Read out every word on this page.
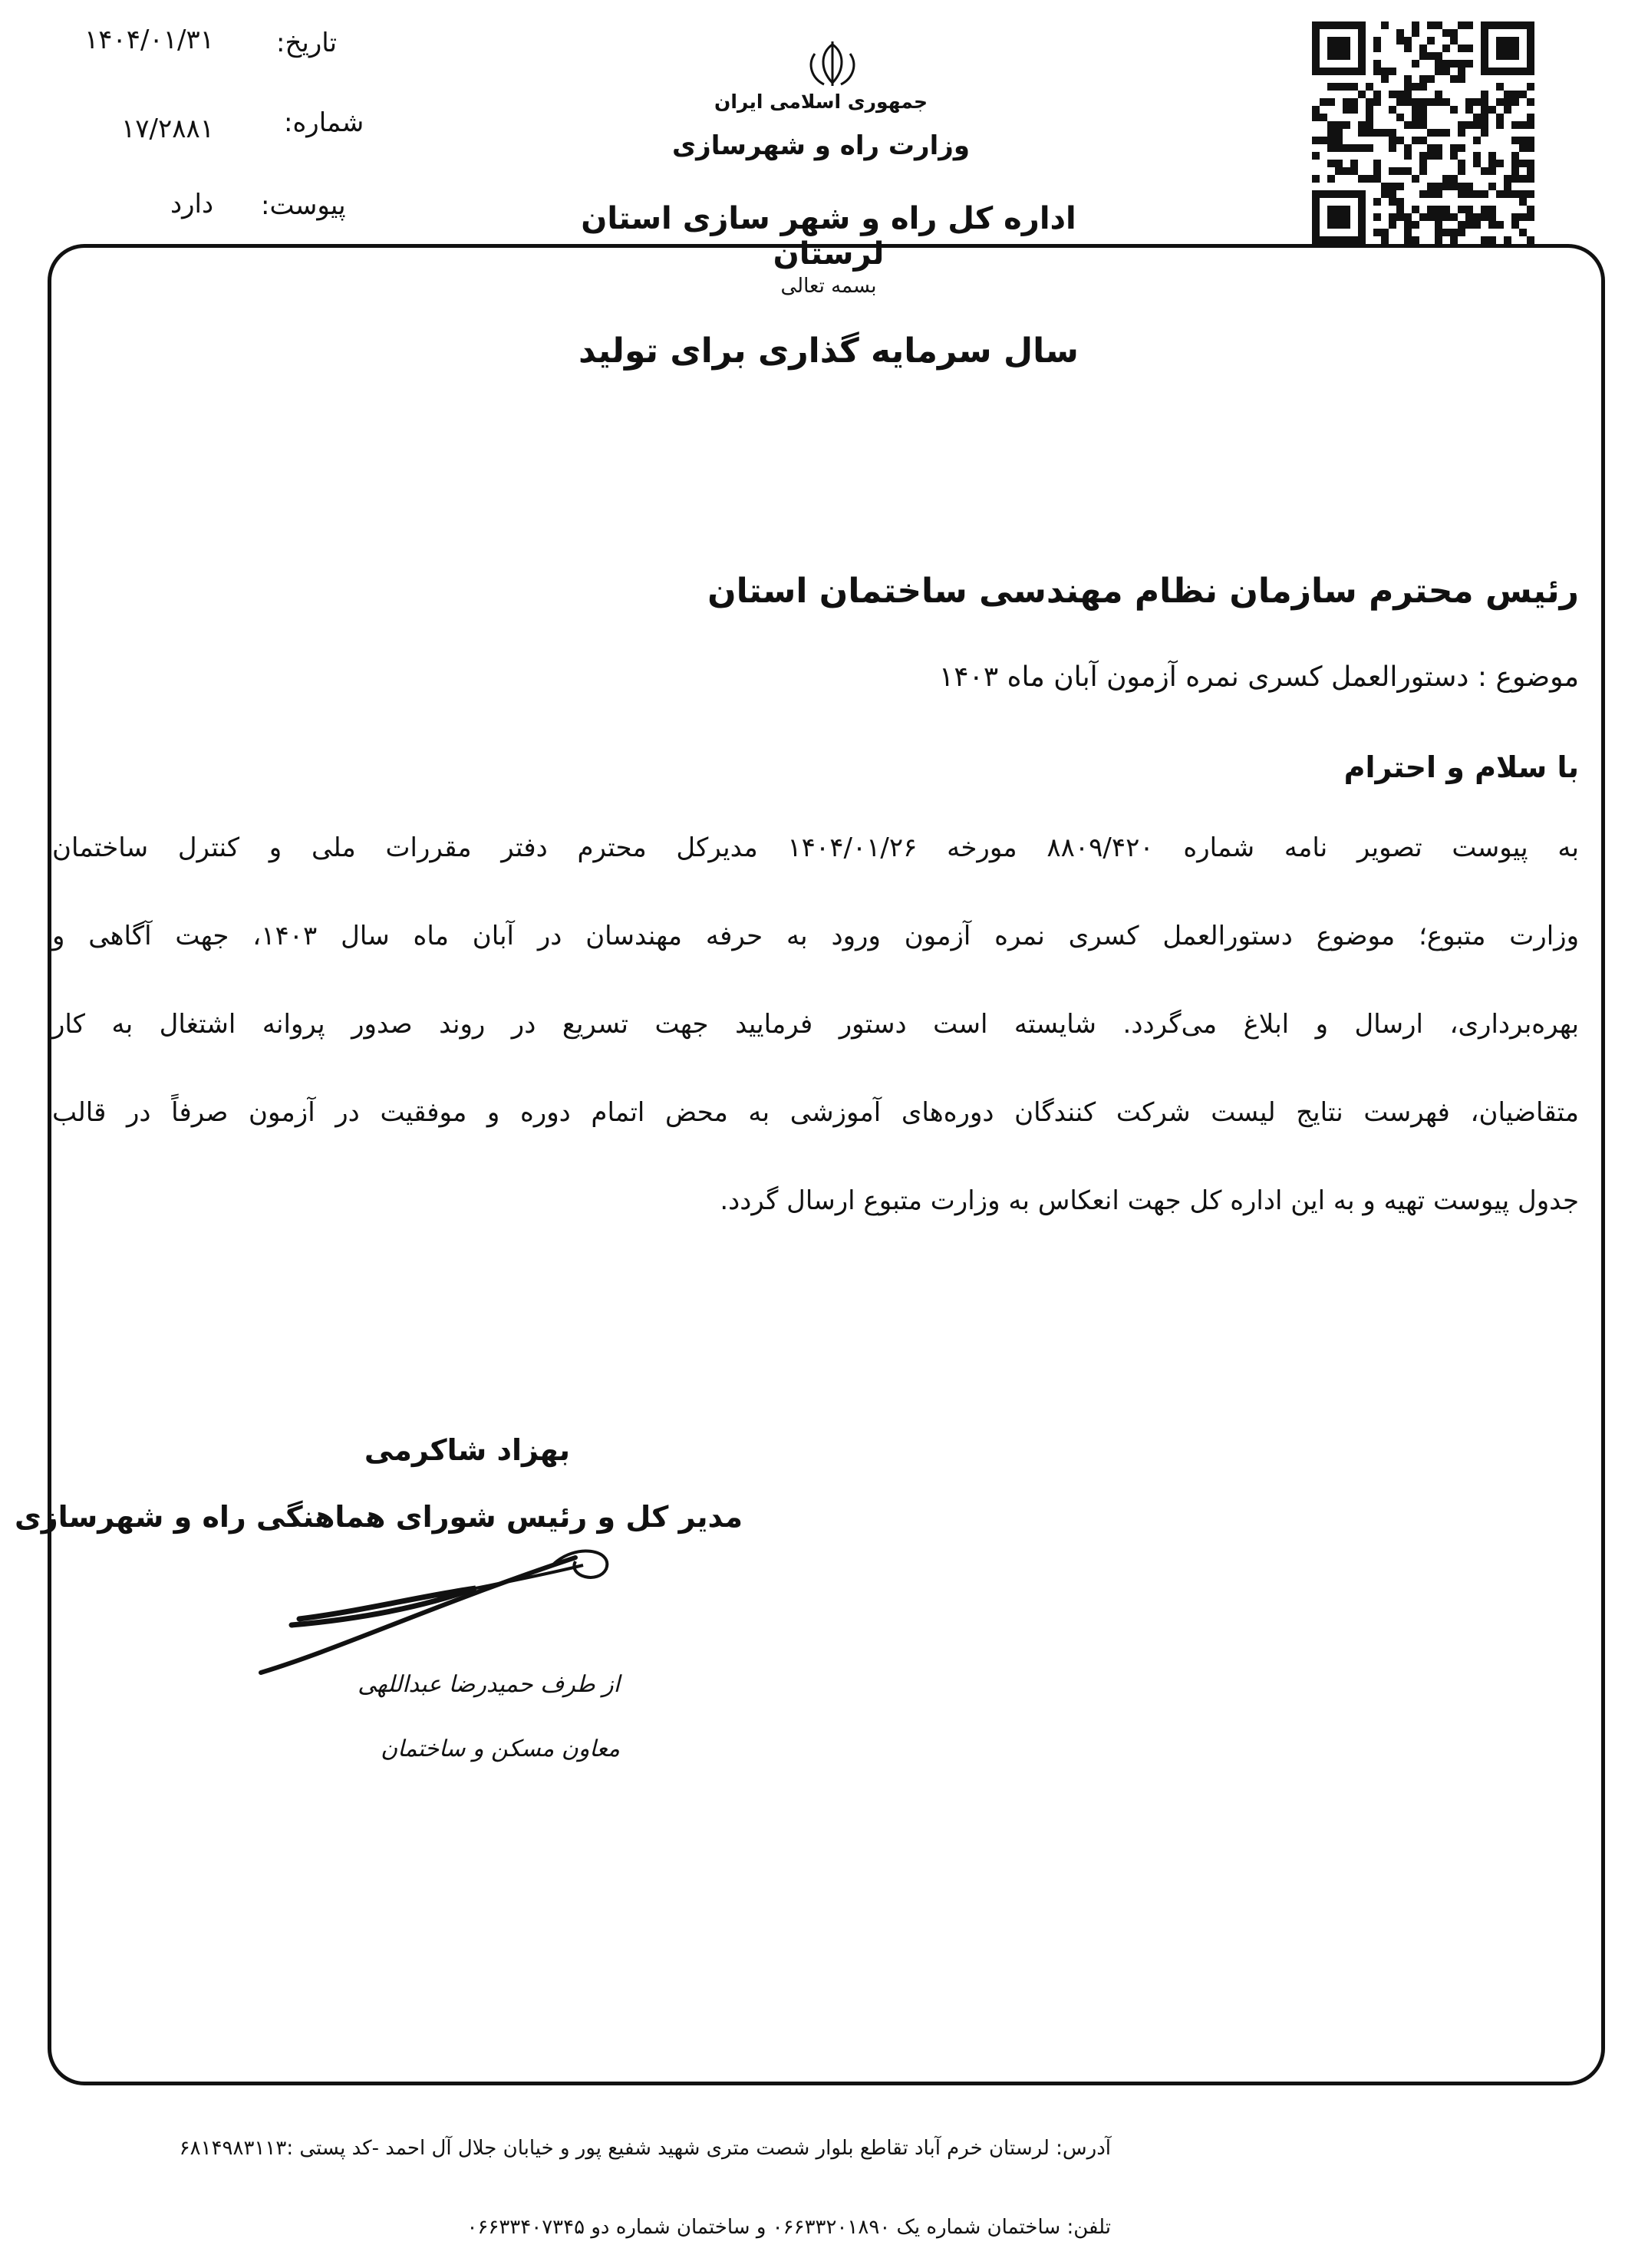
تاریخ:
۱۴۰۴/۰۱/۳۱
شماره:
۱۷/۲۸۸۱
پیوست:
دارد
جمهوری اسلامی ایران
وزارت راه و شهرسازی
اداره کل راه و شهر سازی استان لرستان
بسمه تعالی
سال سرمایه گذاری برای تولید
رئیس محترم سازمان نظام مهندسی ساختمان استان
موضوع : دستورالعمل کسری نمره آزمون آبان ماه ۱۴۰۳
با سلام و احترام
به پیوست تصویر نامه شماره ۸۸۰۹/۴۲۰ مورخه ۱۴۰۴/۰۱/۲۶ مدیرکل محترم دفتر مقررات ملی و کنترل ساختمان
وزارت متبوع؛ موضوع دستورالعمل کسری نمره آزمون ورود به حرفه مهندسان در آبان ماه سال ۱۴۰۳، جهت آگاهی و
بهره‌برداری، ارسال و ابلاغ می‌گردد. شایسته است دستور فرمایید جهت تسریع در روند صدور پروانه اشتغال به کار
متقاضیان، فهرست نتایج لیست شرکت کنندگان دوره‌های آموزشی به محض اتمام دوره و موفقیت در آزمون صرفاً در قالب
جدول پیوست تهیه و به این اداره کل جهت انعکاس به وزارت متبوع ارسال گردد.
بهزاد شاکرمی
مدیر کل و رئیس شورای هماهنگی راه و شهرسازی
از طرف حمیدرضا عبداللهی
معاون مسکن و ساختمان
آدرس: لرستان خرم آباد تقاطع بلوار شصت متری شهید شفیع پور و خیابان جلال آل احمد -کد پستی :۶۸۱۴۹۸۳۱۱۳
تلفن: ساختمان شماره یک ۰۶۶۳۳۲۰۱۸۹۰ و ساختمان شماره دو ۰۶۶۳۳۴۰۷۳۴۵
